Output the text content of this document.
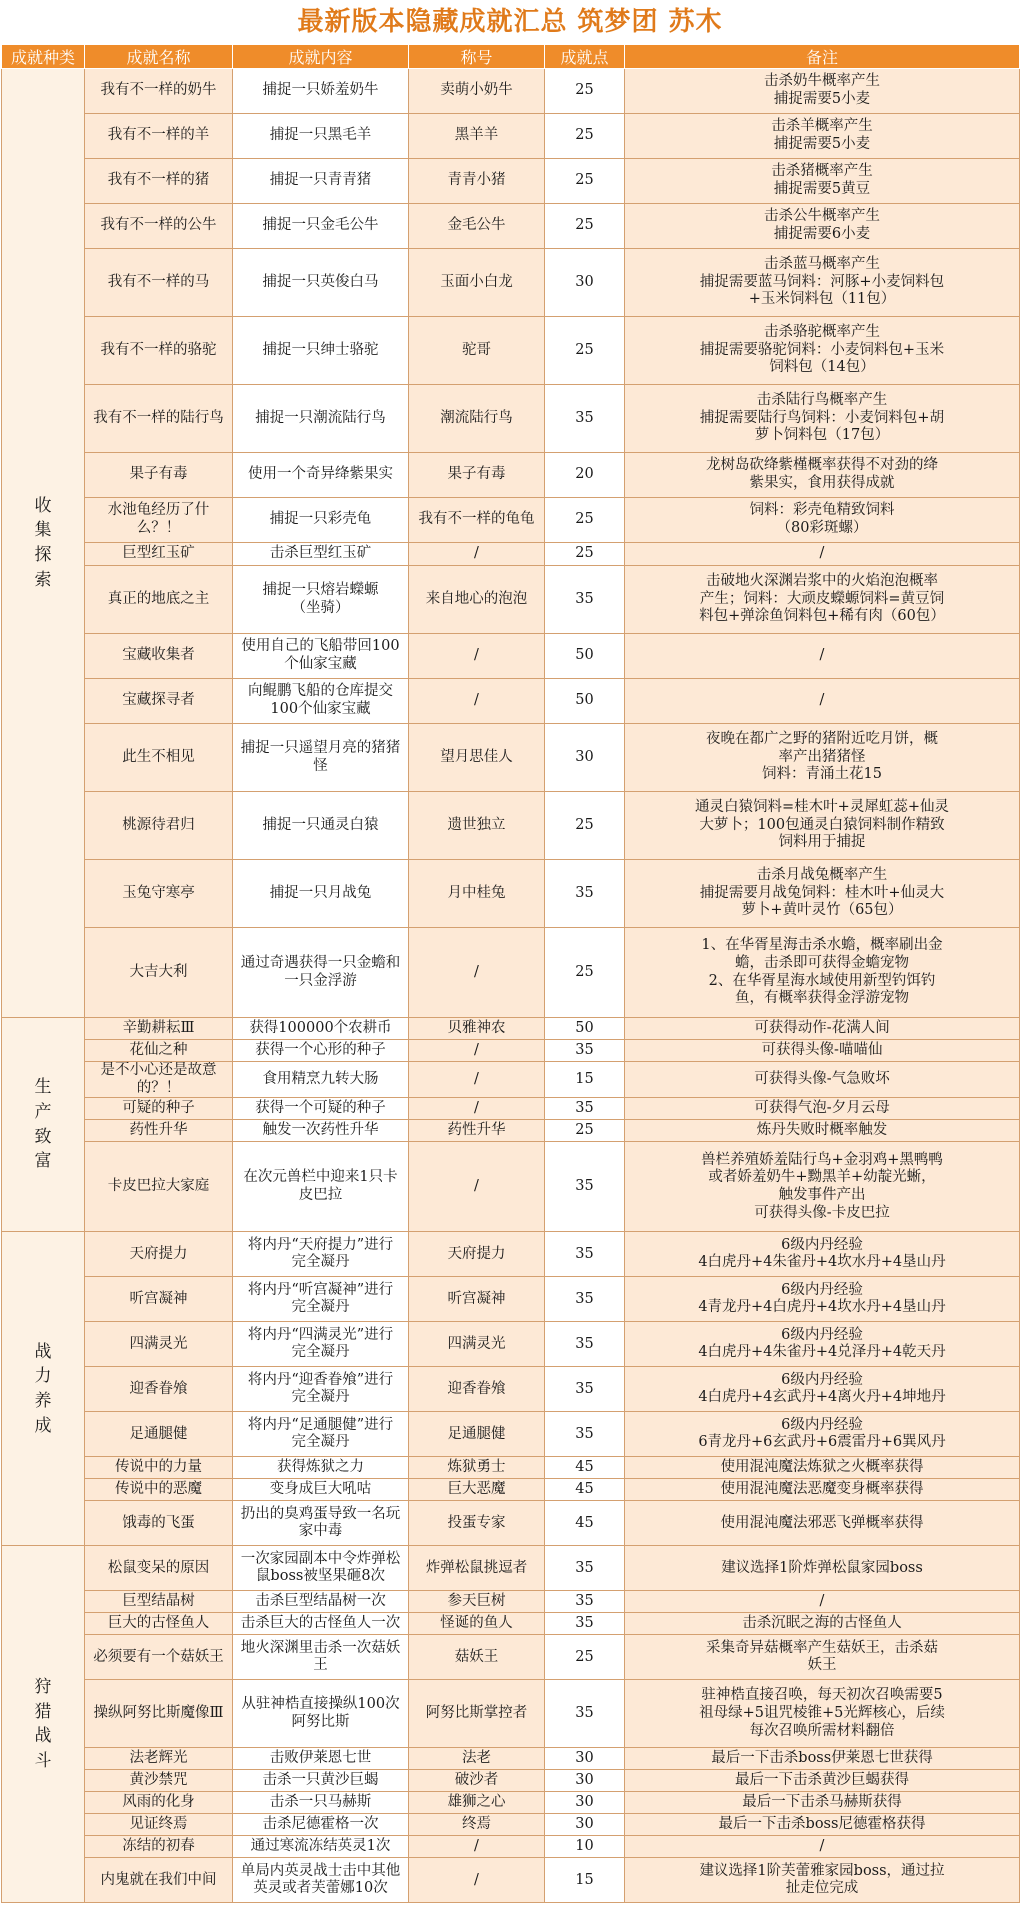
最新版本隐藏成就汇总 筑梦团 苏木
成就种类	成就名称	成就内容	称号	成就点	备注
收
集
探
索	我有不一样的奶牛	捕捉一只娇羞奶牛	卖萌小奶牛	25	击杀奶牛概率产生
捕捉需要5小麦
	我有不一样的羊	捕捉一只黑毛羊	黑羊羊	25	击杀羊概率产生
捕捉需要5小麦
	我有不一样的猪	捕捉一只青青猪	青青小猪	25	击杀猪概率产生
捕捉需要5黄豆
	我有不一样的公牛	捕捉一只金毛公牛	金毛公牛	25	击杀公牛概率产生
捕捉需要6小麦
	我有不一样的马	捕捉一只英俊白马	玉面小白龙	30	击杀蓝马概率产生
捕捉需要蓝马饲料：河豚+小麦饲料包
+玉米饲料包（11包）
	我有不一样的骆驼	捕捉一只绅士骆驼	驼哥	25	击杀骆驼概率产生
捕捉需要骆驼饲料：小麦饲料包+玉米
饲料包（14包）
	我有不一样的陆行鸟	捕捉一只潮流陆行鸟	潮流陆行鸟	35	击杀陆行鸟概率产生
捕捉需要陆行鸟饲料：小麦饲料包+胡
萝卜饲料包（17包）
	果子有毒	使用一个奇异绛紫果实	果子有毒	20	龙树岛砍绛紫槿概率获得不对劲的绛
紫果实，食用获得成就
	水池龟经历了什么？！	捕捉一只彩壳龟	我有不一样的龟龟	25	饲料：彩壳龟精致饲料
（80彩斑螺）
	巨型红玉矿	击杀巨型红玉矿	/	25	/
	真正的地底之主	捕捉一只熔岩蠑螈
（坐骑）	来自地心的泡泡	35	击破地火深渊岩浆中的火焰泡泡概率
产生；饲料：大顽皮蠑螈饲料=黄豆饲
料包+弹涂鱼饲料包+稀有肉（60包）
	宝藏收集者	使用自己的飞船带回100
个仙家宝藏	/	50	/
	宝藏探寻者	向鲲鹏飞船的仓库提交
100个仙家宝藏	/	50	/
	此生不相见	捕捉一只遥望月亮的猪猪
怪	望月思佳人	30	夜晚在都广之野的猪附近吃月饼，概
率产出猪猪怪
饲料：青涌土花15
	桃源待君归	捕捉一只通灵白猿	遗世独立	25	通灵白猿饲料=桂木叶+灵犀虹蕊+仙灵
大萝卜；100包通灵白猿饲料制作精致
饲料用于捕捉
	玉兔守寒亭	捕捉一只月战兔	月中桂兔	35	击杀月战兔概率产生
捕捉需要月战兔饲料：桂木叶+仙灵大
萝卜+黄叶灵竹（65包）
	大吉大利	通过奇遇获得一只金蟾和
一只金浮游	/	25	1、在华胥星海击杀水蟾，概率刷出金
蟾，击杀即可获得金蟾宠物
2、在华胥星海水域使用新型钓饵钓
鱼，有概率获得金浮游宠物
生
产
致
富	辛勤耕耘Ⅲ	获得100000个农耕币	贝雅神农	50	可获得动作-花满人间
	花仙之种	获得一个心形的种子	/	35	可获得头像-喵喵仙
	是不小心还是故意的？！	食用精烹九转大肠	/	15	可获得头像-气急败坏
	可疑的种子	获得一个可疑的种子	/	35	可获得气泡-夕月云母
	药性升华	触发一次药性升华	药性升华	25	炼丹失败时概率触发
	卡皮巴拉大家庭	在次元兽栏中迎来1只卡
皮巴拉	/	35	兽栏养殖娇羞陆行鸟+金羽鸡+黑鸭鸭
或者娇羞奶牛+黝黑羊+幼靛光蜥，
触发事件产出
可获得头像-卡皮巴拉
战
力
养
成	天府提力	将内丹“天府提力”进行
完全凝丹	天府提力	35	6级内丹经验
4白虎丹+4朱雀丹+4坎水丹+4垦山丹
	听宫凝神	将内丹“听宫凝神”进行
完全凝丹	听宫凝神	35	6级内丹经验
4青龙丹+4白虎丹+4坎水丹+4垦山丹
	四满灵光	将内丹“四满灵光”进行
完全凝丹	四满灵光	35	6级内丹经验
4白虎丹+4朱雀丹+4兑泽丹+4乾天丹
	迎香眷飧	将内丹“迎香眷飧”进行
完全凝丹	迎香眷飧	35	6级内丹经验
4白虎丹+4玄武丹+4离火丹+4坤地丹
	足通腿健	将内丹“足通腿健”进行
完全凝丹	足通腿健	35	6级内丹经验
6青龙丹+6玄武丹+6震雷丹+6巽风丹
	传说中的力量	获得炼狱之力	炼狱勇士	45	使用混沌魔法炼狱之火概率获得
	传说中的恶魔	变身成巨大吼咕	巨大恶魔	45	使用混沌魔法恶魔变身概率获得
	饿毒的飞蛋	扔出的臭鸡蛋导致一名玩
家中毒	投蛋专家	45	使用混沌魔法邪恶飞弹概率获得
狩
猎
战
斗	松鼠变呆的原因	一次家园副本中令炸弹松
鼠boss被坚果砸8次	炸弹松鼠挑逗者	35	建议选择1阶炸弹松鼠家园boss
	巨型结晶树	击杀巨型结晶树一次	参天巨树	35	/
	巨大的古怪鱼人	击杀巨大的古怪鱼人一次	怪诞的鱼人	35	击杀沉眠之海的古怪鱼人
	必须要有一个菇妖王	地火深渊里击杀一次菇妖
王	菇妖王	25	采集奇异菇概率产生菇妖王，击杀菇
妖王
	操纵阿努比斯魔像Ⅲ	从驻神梏直接操纵100次
阿努比斯	阿努比斯掌控者	35	驻神梏直接召唤，每天初次召唤需要5
祖母绿+5诅咒棱锥+5光辉核心，后续
每次召唤所需材料翻倍
	法老辉光	击败伊莱恩七世	法老	30	最后一下击杀boss伊莱恩七世获得
	黄沙禁咒	击杀一只黄沙巨蝎	破沙者	30	最后一下击杀黄沙巨蝎获得
	风雨的化身	击杀一只马赫斯	雄狮之心	30	最后一下击杀马赫斯获得
	见证终焉	击杀尼德霍格一次	终焉	30	最后一下击杀boss尼德霍格获得
	冻结的初春	通过寒流冻结英灵1次	/	10	/
	内鬼就在我们中间	单局内英灵战士击中其他
英灵或者芙蕾娜10次	/	15	建议选择1阶芙蕾雅家园boss，通过拉
扯走位完成
